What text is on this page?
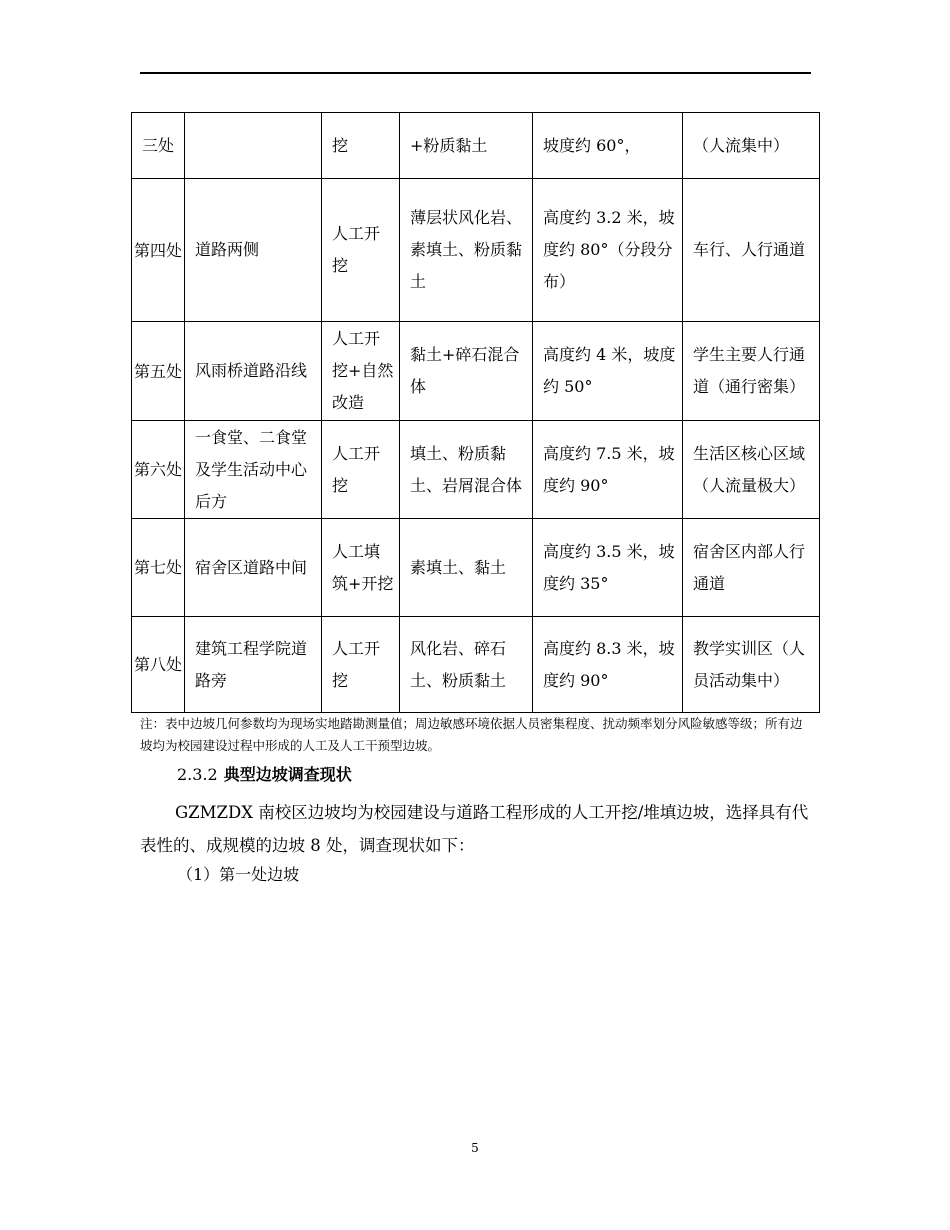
三处		挖	+粉质黏土	坡度约 60°，	（人流集中）
第四处	道路两侧	人工开挖	薄层状风化岩、素填土、粉质黏土	高度约 3.2 米，坡度约 80°（分段分布）	车行、人行通道
第五处	风雨桥道路沿线	人工开挖+自然改造	黏土+碎石混合体	高度约 4 米，坡度约 50°	学生主要人行通道（通行密集）
第六处	一食堂、二食堂及学生活动中心后方	人工开挖	填土、粉质黏土、岩屑混合体	高度约 7.5 米，坡度约 90°	生活区核心区域（人流量极大）
第七处	宿舍区道路中间	人工填筑+开挖	素填土、黏土	高度约 3.5 米，坡度约 35°	宿舍区内部人行通道
第八处	建筑工程学院道路旁	人工开挖	风化岩、碎石土、粉质黏土	高度约 8.3 米，坡度约 90°	教学实训区（人员活动集中）
注：表中边坡几何参数均为现场实地踏勘测量值；周边敏感环境依据人员密集程度、扰动频率划分风险敏感等级；所有边坡均为校园建设过程中形成的人工及人工干预型边坡。
2.3.2 典型边坡调查现状
GZMZDX 南校区边坡均为校园建设与道路工程形成的人工开挖/堆填边坡，选择具有代表性的、成规模的边坡 8 处，调查现状如下：
（1）第一处边坡
5
